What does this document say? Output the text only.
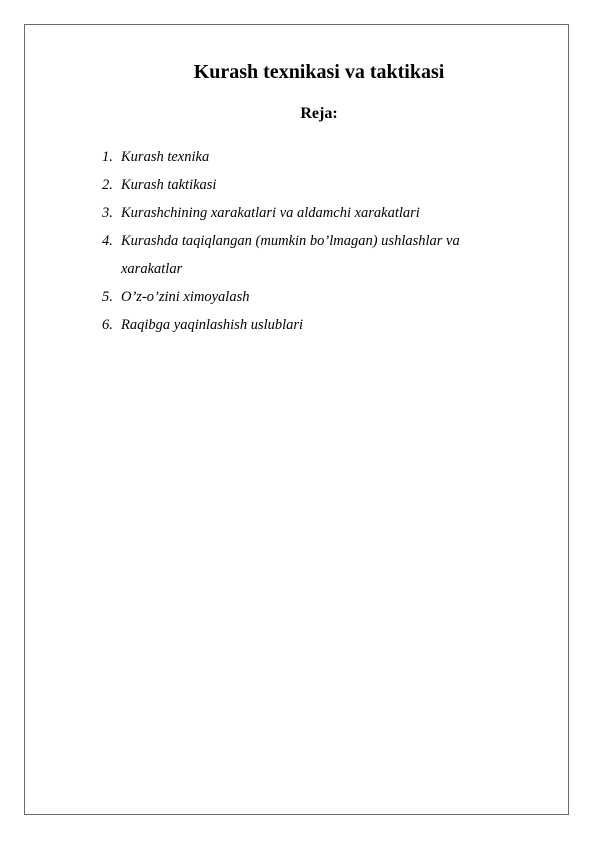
Kurash texnikasi va taktikasi
Reja:
1. Kurash texnika
2. Kurash taktikasi
3. Kurashchining xarakatlari va aldamchi xarakatlari
4. Kurashda taqiqlangan (mumkin bo’lmagan) ushlashlar va xarakatlar
5. O’z-o’zini ximoyalash
6. Raqibga yaqinlashish uslublari
